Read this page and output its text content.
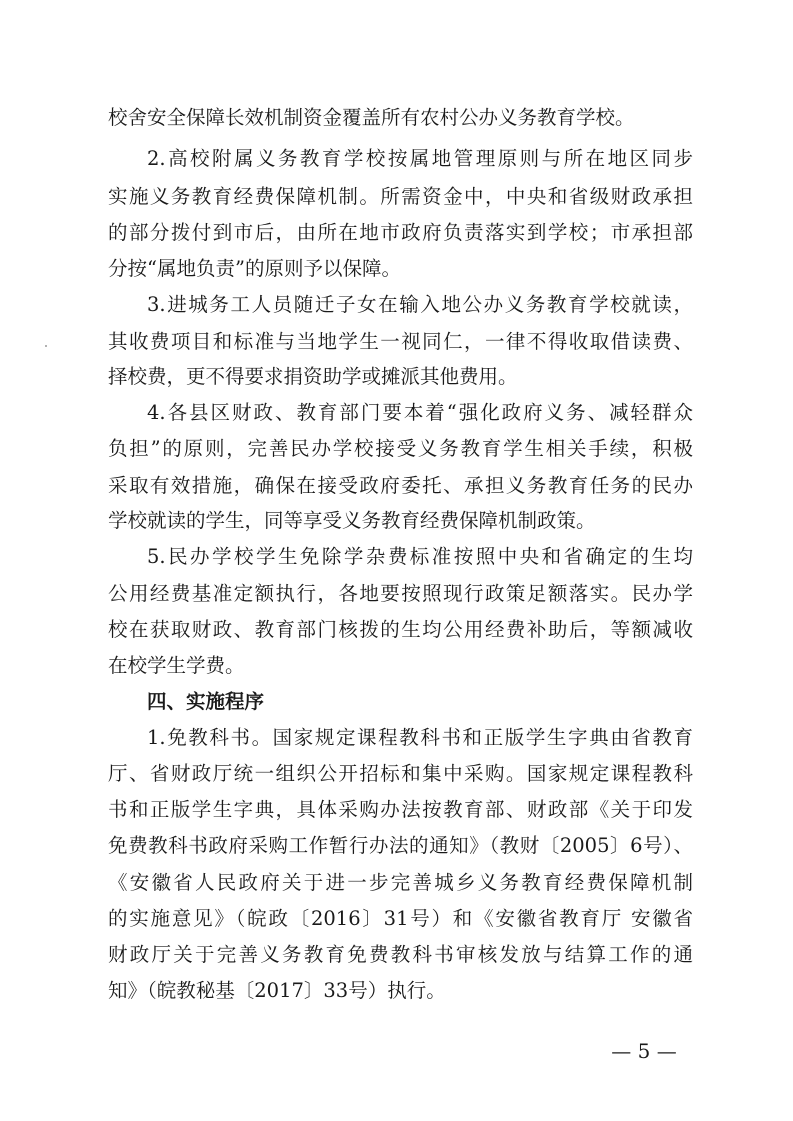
校舍安全保障长效机制资金覆盖所有农村公办义务教育学校。
2.高校附属义务教育学校按属地管理原则与所在地区同步
实施义务教育经费保障机制。所需资金中，中央和省级财政承担
的部分拨付到市后，由所在地市政府负责落实到学校；市承担部
分按“属地负责”的原则予以保障。
3.进城务工人员随迁子女在输入地公办义务教育学校就读，
其收费项目和标准与当地学生一视同仁，一律不得收取借读费、
择校费，更不得要求捐资助学或摊派其他费用。
4.各县区财政、教育部门要本着“强化政府义务、减轻群众
负担”的原则，完善民办学校接受义务教育学生相关手续，积极
采取有效措施，确保在接受政府委托、承担义务教育任务的民办
学校就读的学生，同等享受义务教育经费保障机制政策。
5.民办学校学生免除学杂费标准按照中央和省确定的生均
公用经费基准定额执行，各地要按照现行政策足额落实。民办学
校在获取财政、教育部门核拨的生均公用经费补助后，等额减收
在校学生学费。
四、实施程序
1.免教科书。国家规定课程教科书和正版学生字典由省教育
厅、省财政厅统一组织公开招标和集中采购。国家规定课程教科
书和正版学生字典，具体采购办法按教育部、财政部《关于印发
免费教科书政府采购工作暂行办法的通知》（教财〔2005〕6号）、
《安徽省人民政府关于进一步完善城乡义务教育经费保障机制
的实施意见》（皖政〔2016〕31号）和《安徽省教育厅 安徽省
财政厅关于完善义务教育免费教科书审核发放与结算工作的通
知》（皖教秘基〔2017〕33号）执行。
— 5 —
